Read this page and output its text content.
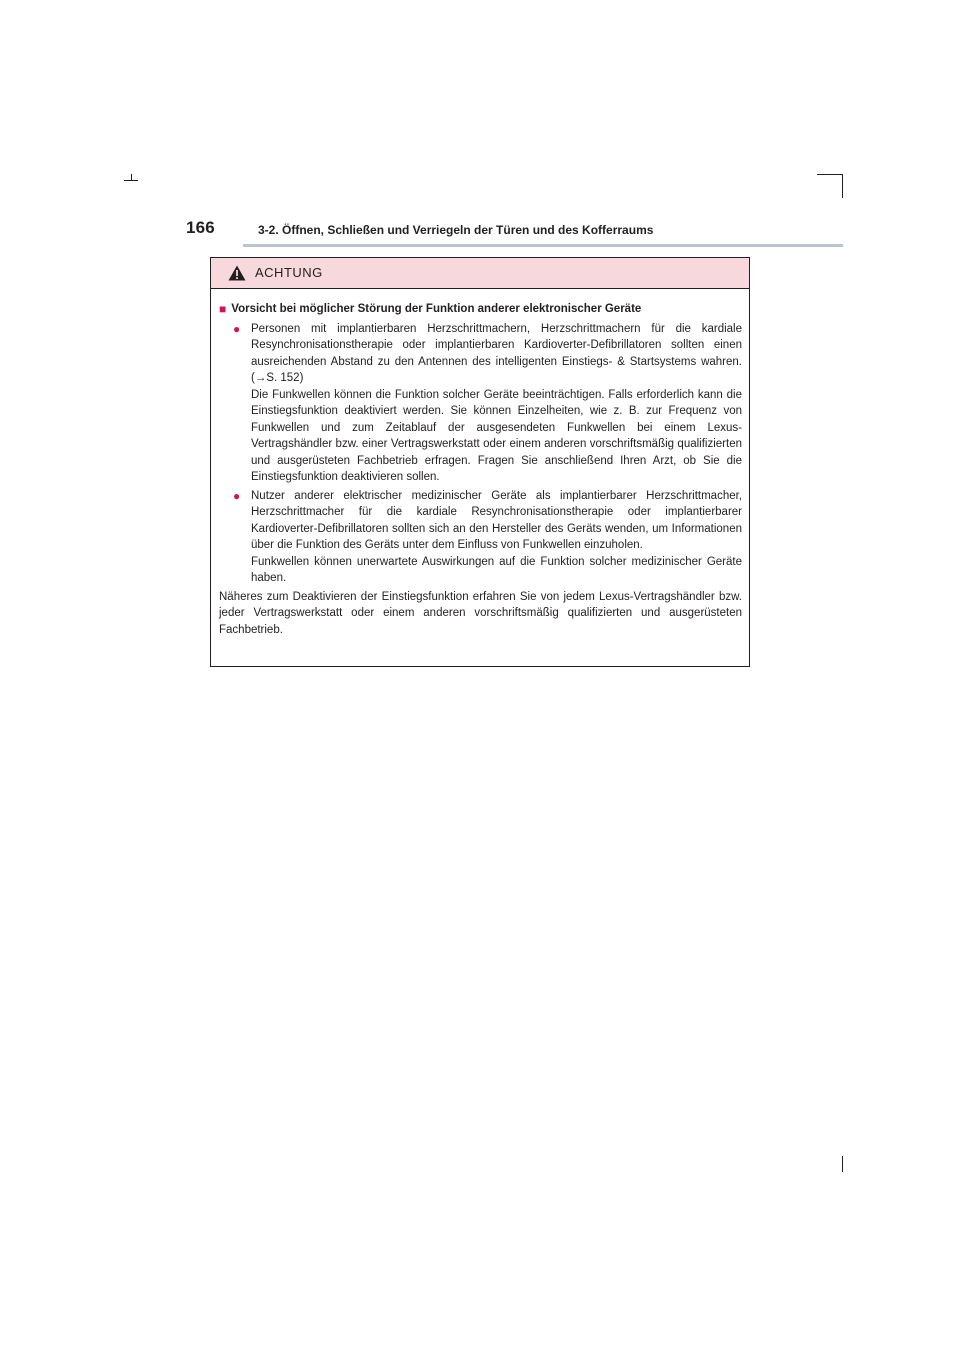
166	3-2. Öffnen, Schließen und Verriegeln der Türen und des Kofferraums
ACHTUNG
■ Vorsicht bei möglicher Störung der Funktion anderer elektronischer Geräte
● Personen mit implantierbaren Herzschrittmachern, Herzschrittmachern für die kardiale Resynchronisationstherapie oder implantierbaren Kardioverter-Defibrillatoren sollten einen ausreichenden Abstand zu den Antennen des intelligenten Einstiegs- & Startsystems wahren. (→S. 152)

Die Funkwellen können die Funktion solcher Geräte beeinträchtigen. Falls erforderlich kann die Einstiegsfunktion deaktiviert werden. Sie können Einzelheiten, wie z. B. zur Frequenz von Funkwellen und zum Zeitablauf der ausgesendeten Funkwellen bei einem Lexus-Vertragshändler bzw. einer Vertragswerkstatt oder einem anderen vorschriftsmäßig qualifizierten und ausgerüsteten Fachbetrieb erfragen. Fragen Sie anschließend Ihren Arzt, ob Sie die Einstiegsfunktion deaktivieren sollen.

● Nutzer anderer elektrischer medizinischer Geräte als implantierbarer Herzschrittmacher, Herzschrittmacher für die kardiale Resynchronisationstherapie oder implantierbarer Kardioverter-Defibrillatoren sollten sich an den Hersteller des Geräts wenden, um Informationen über die Funktion des Geräts unter dem Einfluss von Funkwellen einzuholen.

Funkwellen können unerwartete Auswirkungen auf die Funktion solcher medizinischer Geräte haben.

Näheres zum Deaktivieren der Einstiegsfunktion erfahren Sie von jedem Lexus-Vertragshändler bzw. jeder Vertragswerkstatt oder einem anderen vorschriftsmäßig qualifizierten und ausgerüsteten Fachbetrieb.
